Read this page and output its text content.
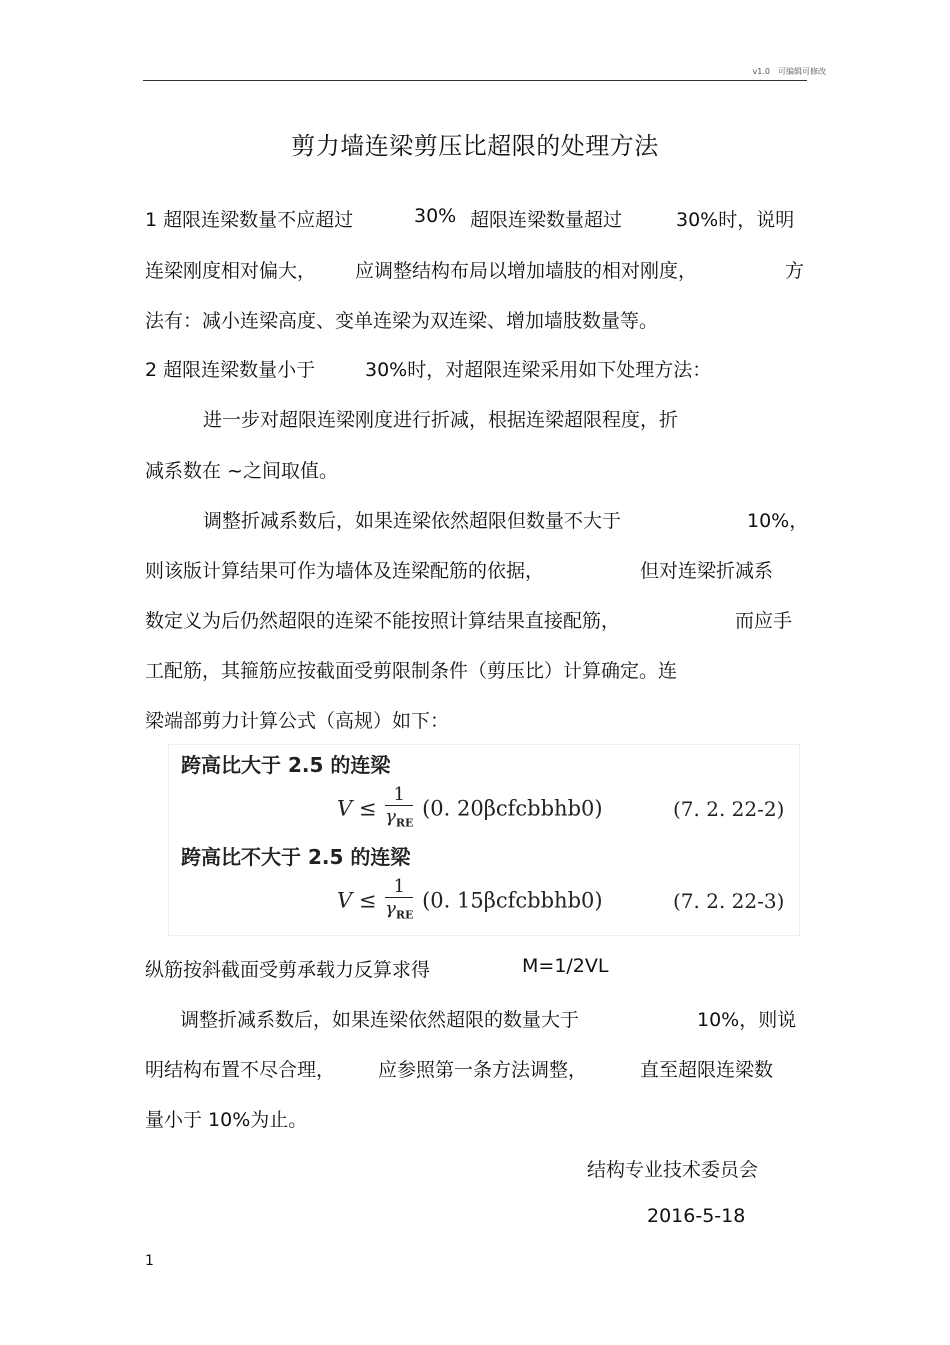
v1.0　可编辑可修改
剪力墙连梁剪压比超限的处理方法
1 超限连梁数量不应超过	30% 超限连梁数量超过	30%时，说明
连梁刚度相对偏大， 应调整结构布局以增加墙肢的相对刚度，	方
法有：减小连梁高度、变单连梁为双连梁、增加墙肢数量等。
2 超限连梁数量小于	30%时，对超限连梁采用如下处理方法：
进一步对超限连梁刚度进行折减，根据连梁超限程度，折
减系数在 ~之间取值。
调整折减系数后，如果连梁依然超限但数量不大于	10%，
则该版计算结果可作为墙体及连梁配筋的依据，	但对连梁折减系
数定义为后仍然超限的连梁不能按照计算结果直接配筋，	而应手
工配筋，其箍筋应按截面受剪限制条件（剪压比）计算确定。连
梁端部剪力计算公式（高规）如下：
跨高比大于 2.5 的连梁
$V \le \frac{1}{\gamma_{RE}} (0$. 20βcfcbbhb0)	(7. 2. 22-2)
跨高比不大于 2.5 的连梁
$V \le \frac{1}{\gamma_{RE}} (0$. 15βcfcbbhb0)	(7. 2. 22-3)
纵筋按斜截面受剪承载力反算求得	M=1/2VL
调整折减系数后，如果连梁依然超限的数量大于	10%，则说
明结构布置不尽合理， 应参照第一条方法调整，	直至超限连梁数
量小于 10%为止。
结构专业技术委员会
2016-5-18
1
